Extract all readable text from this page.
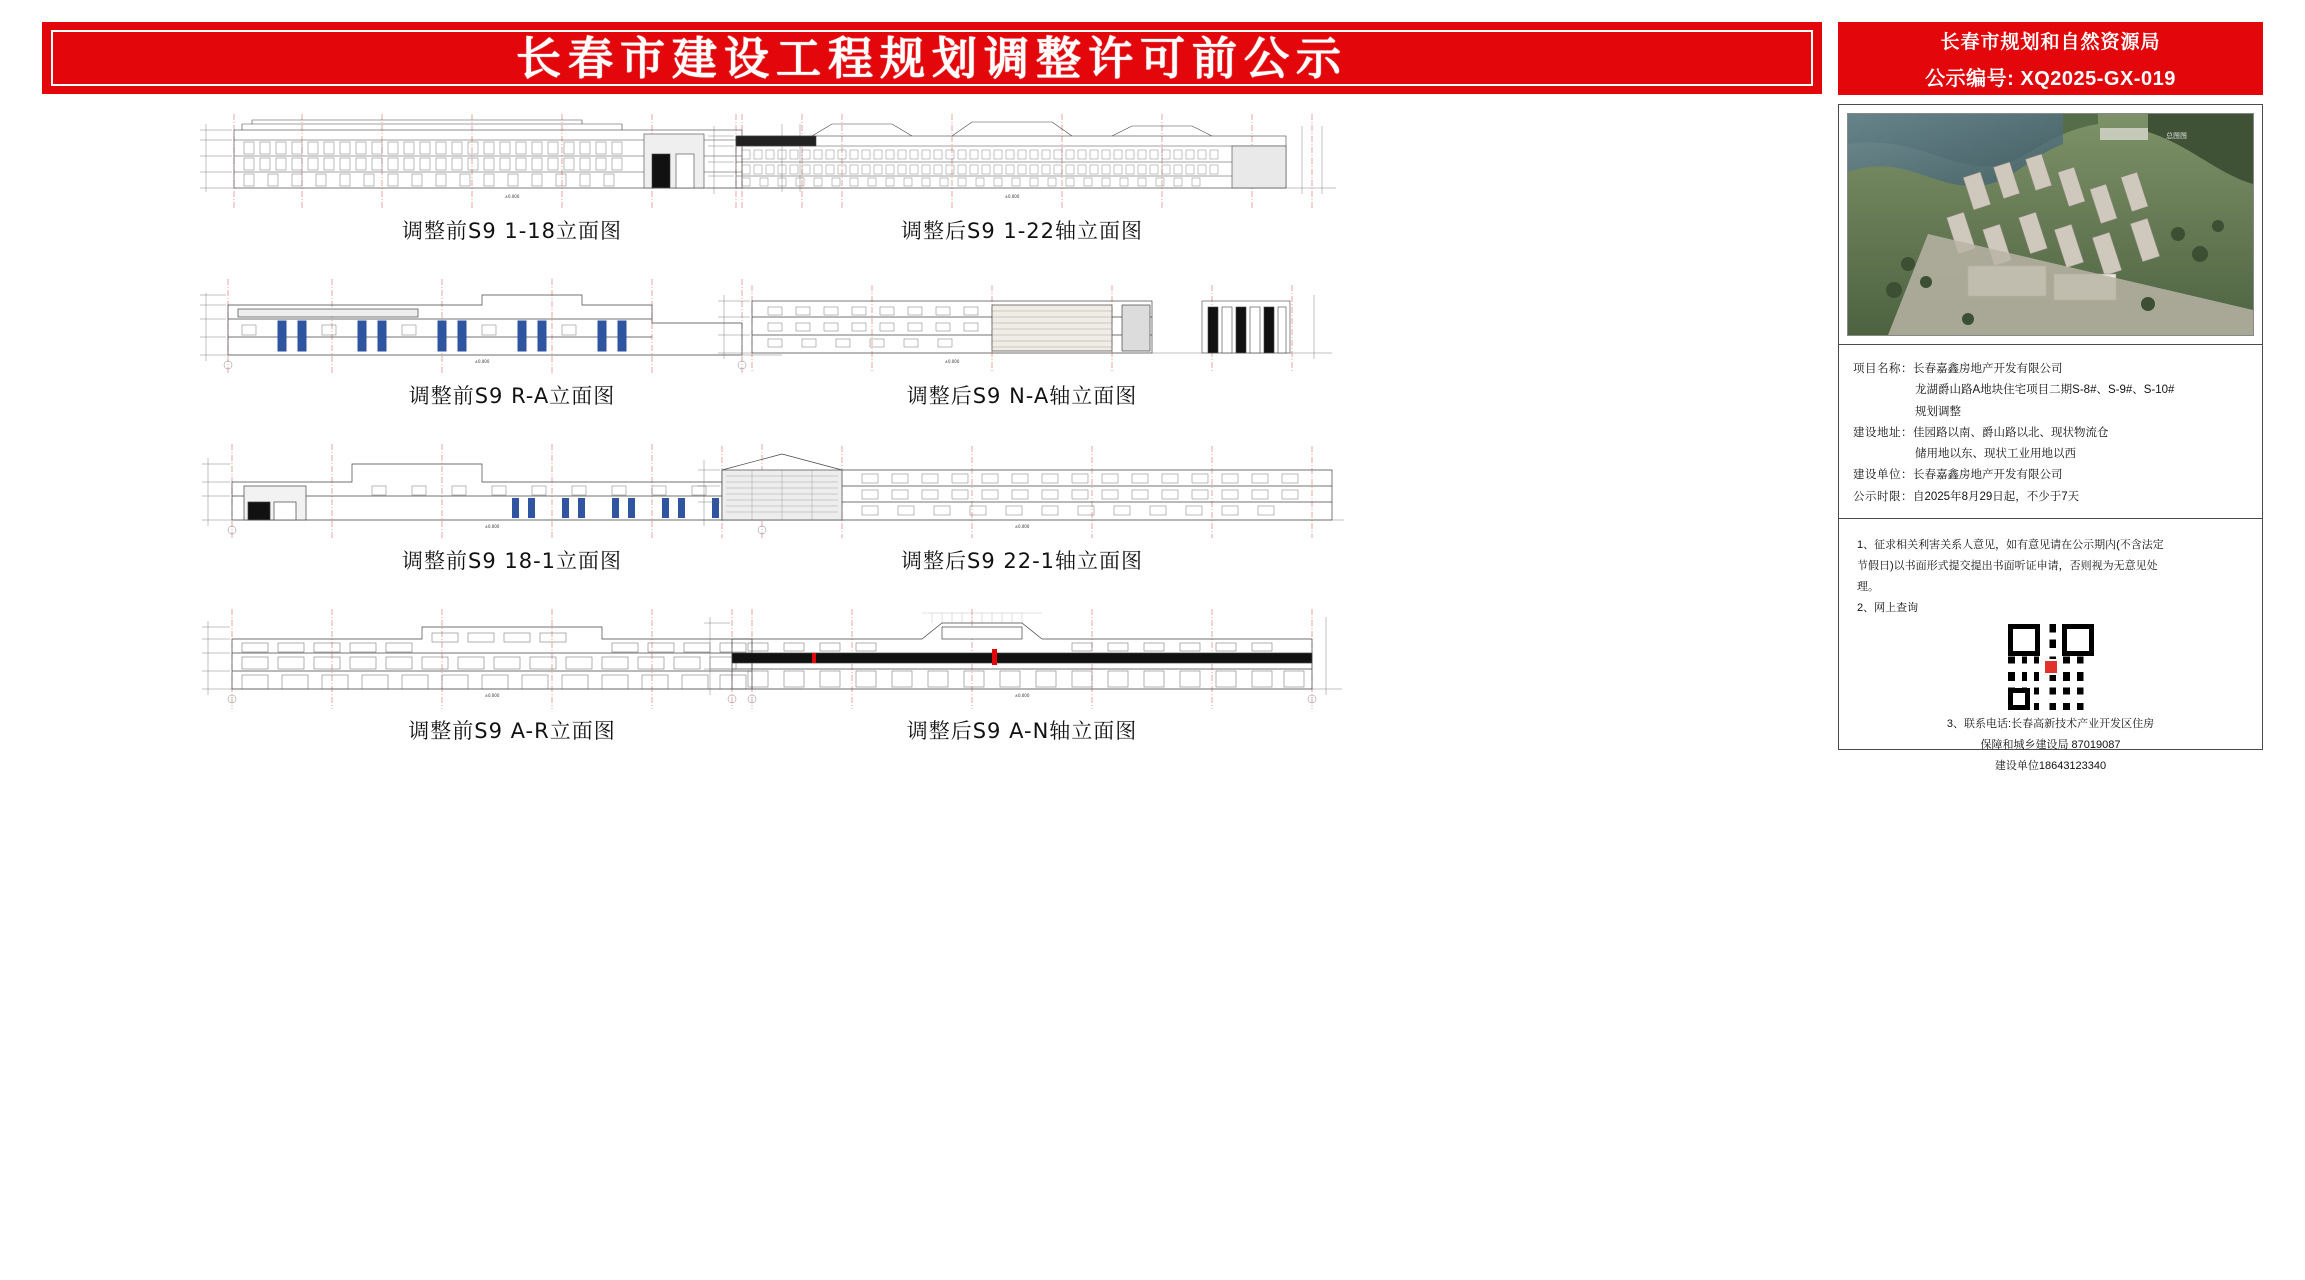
长春市建设工程规划调整许可前公示	长春市规划和自然资源局
公示编号: XQ2025-GX-019
总图图
项目名称： 长春嘉鑫房地产开发有限公司
龙湖爵山路A地块住宅项目二期S-8#、S-9#、S-10#
规划调整
建设地址： 佳园路以南、爵山路以北、现状物流仓
储用地以东、现状工业用地以西
建设单位： 长春嘉鑫房地产开发有限公司
公示时限： 自2025年8月29日起，不少于7天
1、征求相关利害关系人意见，如有意见请在公示期内(不含法定
节假日)以书面形式提交提出书面听证申请，否则视为无意见处
理。
2、网上查询
3、联系电话:长春高新技术产业开发区住房
保障和城乡建设局 87019087
建设单位18643123340
±0.000
调整前S9 1-18立面图
±0.000
调整后S9 1-22轴立面图
±0.000
调整前S9 R-A立面图
±0.000
调整后S9 N-A轴立面图
±0.000
调整前S9 18-1立面图
±0.000
调整后S9 22-1轴立面图
±0.000
调整前S9 A-R立面图
±0.000
调整后S9 A-N轴立面图
